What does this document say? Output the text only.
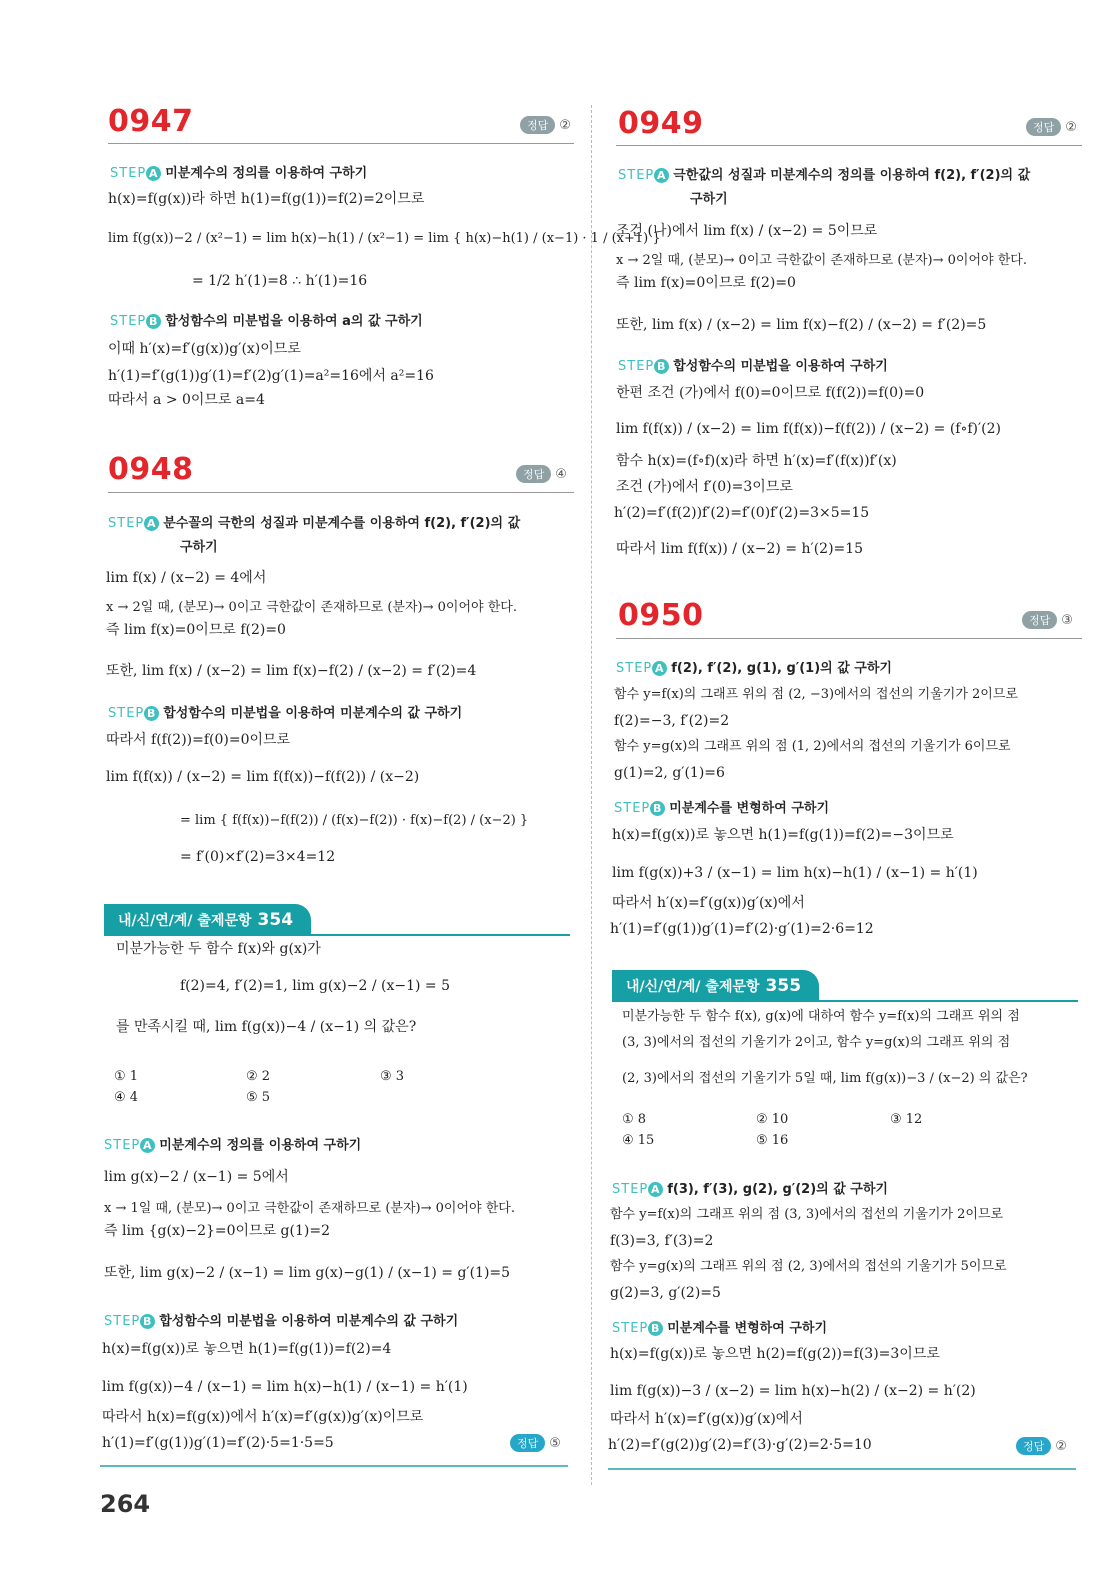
0947	정답 ②
STEP A 미분계수의 정의를 이용하여 구하기
h(x)=f(g(x))라 하면 h(1)=f(g(1))=f(2)=2이므로
lim f(g(x))−2 / (x²−1) = lim h(x)−h(1) / (x²−1) = lim { h(x)−h(1) / (x−1) · 1 / (x+1) }
= 1/2 h′(1)=8 ∴ h′(1)=16
STEP B 합성함수의 미분법을 이용하여 a의 값 구하기
이때 h′(x)=f′(g(x))g′(x)이므로
h′(1)=f′(g(1))g′(1)=f′(2)g′(1)=a²=16에서 a²=16
따라서 a > 0이므로 a=4
0948	정답 ④
STEP A 분수꼴의 극한의 성질과 미분계수를 이용하여 f(2), f′(2)의 값
구하기
lim f(x) / (x−2) = 4에서
x → 2일 때, (분모)→ 0이고 극한값이 존재하므로 (분자)→ 0이어야 한다.
즉 lim f(x)=0이므로 f(2)=0
또한, lim f(x) / (x−2) = lim f(x)−f(2) / (x−2) = f′(2)=4
STEP B 합성함수의 미분법을 이용하여 미분계수의 값 구하기
따라서 f(f(2))=f(0)=0이므로
lim f(f(x)) / (x−2) = lim f(f(x))−f(f(2)) / (x−2)
= lim { f(f(x))−f(f(2)) / (f(x)−f(2)) · f(x)−f(2) / (x−2) }
= f′(0)×f′(2)=3×4=12
내/신/연/계/ 출제문항 354
미분가능한 두 함수 f(x)와 g(x)가
f(2)=4, f′(2)=1, lim g(x)−2 / (x−1) = 5
를 만족시킬 때, lim f(g(x))−4 / (x−1) 의 값은?
① 1	② 2	③ 3
④ 4	⑤ 5
STEP A 미분계수의 정의를 이용하여 구하기
lim g(x)−2 / (x−1) = 5에서
x → 1일 때, (분모)→ 0이고 극한값이 존재하므로 (분자)→ 0이어야 한다.
즉 lim {g(x)−2}=0이므로 g(1)=2
또한, lim g(x)−2 / (x−1) = lim g(x)−g(1) / (x−1) = g′(1)=5
STEP B 합성함수의 미분법을 이용하여 미분계수의 값 구하기
h(x)=f(g(x))로 놓으면 h(1)=f(g(1))=f(2)=4
lim f(g(x))−4 / (x−1) = lim h(x)−h(1) / (x−1) = h′(1)
따라서 h(x)=f(g(x))에서 h′(x)=f′(g(x))g′(x)이므로
h′(1)=f′(g(1))g′(1)=f′(2)·5=1·5=5	정답 ⑤
0949	정답 ②
STEP A 극한값의 성질과 미분계수의 정의를 이용하여 f(2), f′(2)의 값
구하기
조건 (나)에서 lim f(x) / (x−2) = 5이므로
x → 2일 때, (분모)→ 0이고 극한값이 존재하므로 (분자)→ 0이어야 한다.
즉 lim f(x)=0이므로 f(2)=0
또한, lim f(x) / (x−2) = lim f(x)−f(2) / (x−2) = f′(2)=5
STEP B 합성함수의 미분법을 이용하여 구하기
한편 조건 (가)에서 f(0)=0이므로 f(f(2))=f(0)=0
lim f(f(x)) / (x−2) = lim f(f(x))−f(f(2)) / (x−2) = (f∘f)′(2)
함수 h(x)=(f∘f)(x)라 하면 h′(x)=f′(f(x))f′(x)
조건 (가)에서 f′(0)=3이므로
h′(2)=f′(f(2))f′(2)=f′(0)f′(2)=3×5=15
따라서 lim f(f(x)) / (x−2) = h′(2)=15
0950	정답 ③
STEP A f(2), f′(2), g(1), g′(1)의 값 구하기
함수 y=f(x)의 그래프 위의 점 (2, −3)에서의 접선의 기울기가 2이므로
f(2)=−3, f′(2)=2
함수 y=g(x)의 그래프 위의 점 (1, 2)에서의 접선의 기울기가 6이므로
g(1)=2, g′(1)=6
STEP B 미분계수를 변형하여 구하기
h(x)=f(g(x))로 놓으면 h(1)=f(g(1))=f(2)=−3이므로
lim f(g(x))+3 / (x−1) = lim h(x)−h(1) / (x−1) = h′(1)
따라서 h′(x)=f′(g(x))g′(x)에서
h′(1)=f′(g(1))g′(1)=f′(2)·g′(1)=2·6=12
내/신/연/계/ 출제문항 355
미분가능한 두 함수 f(x), g(x)에 대하여 함수 y=f(x)의 그래프 위의 점
(3, 3)에서의 접선의 기울기가 2이고, 함수 y=g(x)의 그래프 위의 점
(2, 3)에서의 접선의 기울기가 5일 때, lim f(g(x))−3 / (x−2) 의 값은?
① 8	② 10	③ 12
④ 15	⑤ 16
STEP A f(3), f′(3), g(2), g′(2)의 값 구하기
함수 y=f(x)의 그래프 위의 점 (3, 3)에서의 접선의 기울기가 2이므로
f(3)=3, f′(3)=2
함수 y=g(x)의 그래프 위의 점 (2, 3)에서의 접선의 기울기가 5이므로
g(2)=3, g′(2)=5
STEP B 미분계수를 변형하여 구하기
h(x)=f(g(x))로 놓으면 h(2)=f(g(2))=f(3)=3이므로
lim f(g(x))−3 / (x−2) = lim h(x)−h(2) / (x−2) = h′(2)
따라서 h′(x)=f′(g(x))g′(x)에서
h′(2)=f′(g(2))g′(2)=f′(3)·g′(2)=2·5=10	정답 ②
264
